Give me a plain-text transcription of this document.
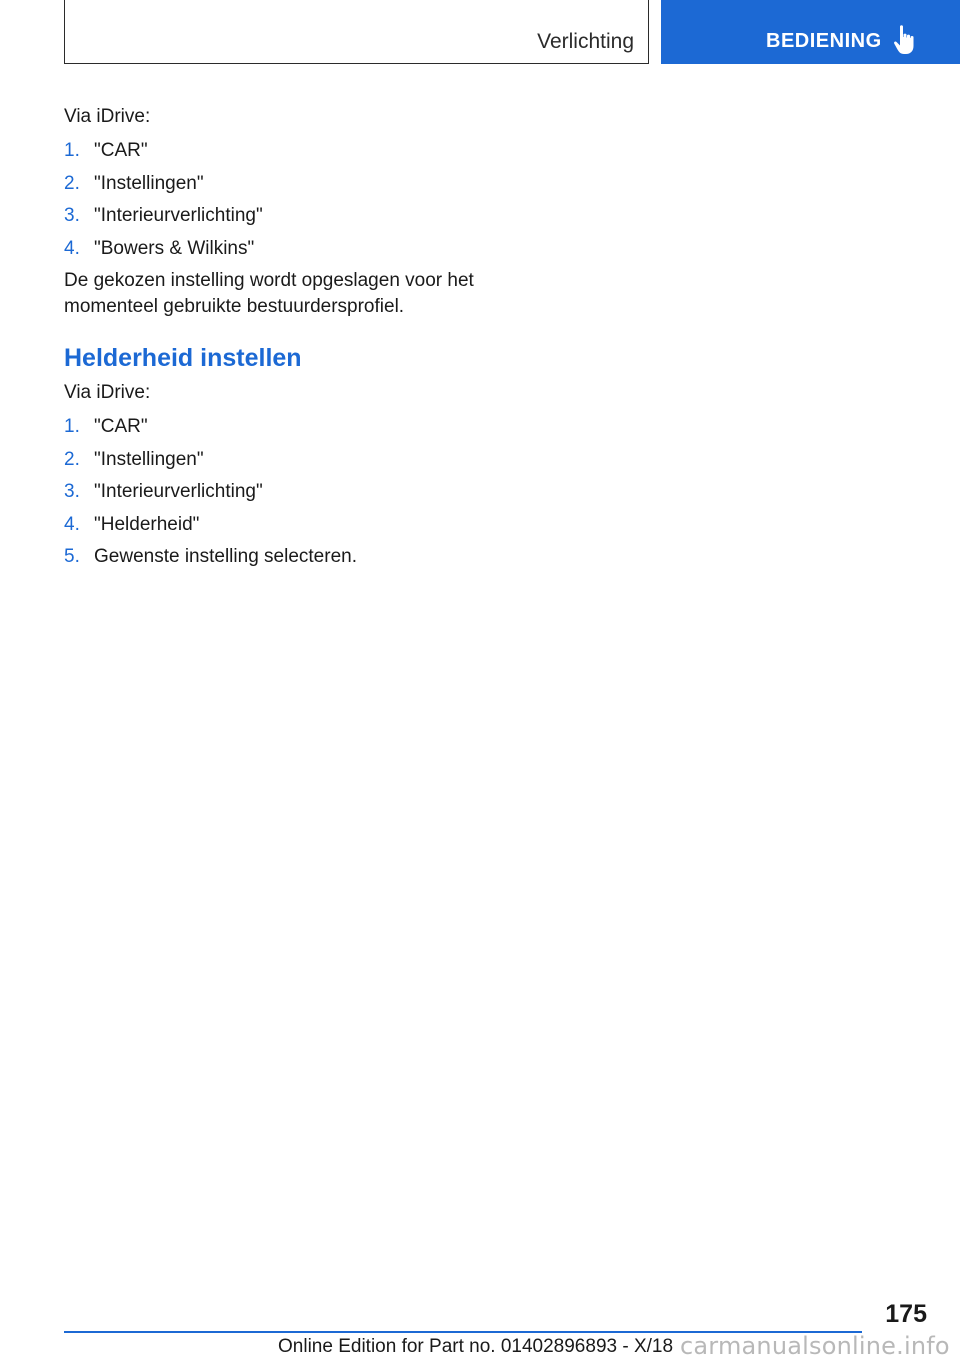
Verlichting	BEDIENING

Via iDrive:

1. "CAR"
2. "Instellingen"
3. "Interieurverlichting"
4. "Bowers & Wilkins"

De gekozen instelling wordt opgeslagen voor het momenteel gebruikte bestuurdersprofiel.

Helderheid instellen

Via iDrive:

1. "CAR"
2. "Instellingen"
3. "Interieurverlichting"
4. "Helderheid"
5. Gewenste instelling selecteren.
175
Online Edition for Part no. 01402896893 - X/18 carmanualsonline.info
